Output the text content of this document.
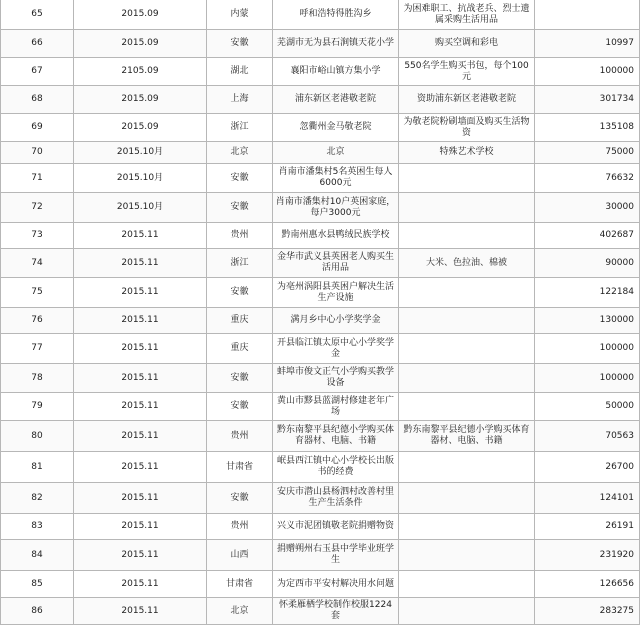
65	2015.09	内蒙	呼和浩特得胜沟乡	为困难职工、抗战老兵、烈士遗属采购生活用品	
66	2015.09	安徽	芜湖市无为县石涧镇天花小学	购买空调和彩电	10997
67	2105.09	湖北	襄阳市峪山镇方集小学	550名学生购买书包，每个100元	100000
68	2015.09	上海	浦东新区老港敬老院	资助浦东新区老港敬老院	301734
69	2015.09	浙江	忽衢州金马敬老院	为敬老院粉刷墙面及购买生活物资	135108
70	2015.10月	北京	北京	特殊艺术学校	75000
71	2015.10月	安徽	肖南市潘集村5名英困生每人6000元		76632
72	2015.10月	安徽	肖南市潘集村10户英困家庭，每户3000元		30000
73	2015.11	贵州	黔南州惠水县鸭绒民族学校		402687
74	2015.11	浙江	金华市武义县英困老人购买生活用品	大米、色拉油、棉被	90000
75	2015.11	安徽	为亳州涡阳县英困户解决生活生产设施		122184
76	2015.11	重庆	满月乡中心小学奖学金		130000
77	2015.11	重庆	开县临江镇太原中心小学奖学金		100000
78	2015.11	安徽	蚌埠市俊文正气小学购买教学设备		100000
79	2015.11	安徽	黄山市黟县蓝湖村修建老年广场		50000
80	2015.11	贵州	黔东南黎平县纪德小学购买体育器材、电脑、书籍	黔东南黎平县纪德小学购买体育器材、电脑、书籍	70563
81	2015.11	甘肃省	岷县西江镇中心小学校长出版书的经费		26700
82	2015.11	安徽	安庆市潜山县杨泗村改善村里生产生活条件		124101
83	2015.11	贵州	兴义市泥团镇敬老院捐赠物资		26191
84	2015.11	山西	捐赠朔州右玉县中学毕业班学生		231920
85	2015.11	甘肃省	为定西市平安村解决用水问题		126656
86	2015.11	北京	怀柔雁栖学校制作校服1224套		283275
